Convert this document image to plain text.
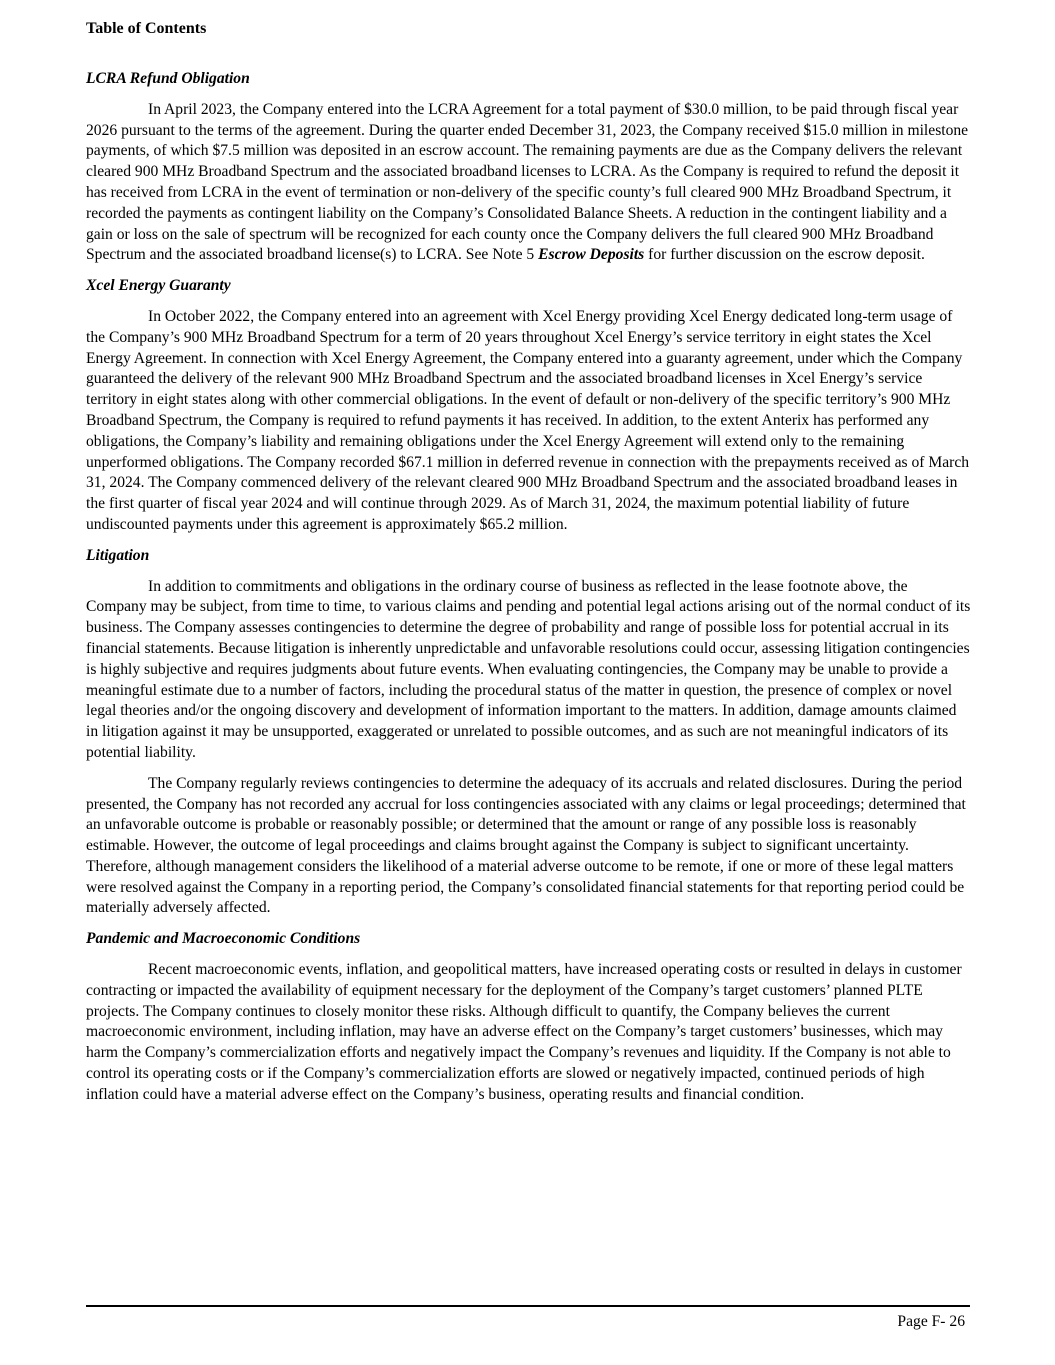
Table of Contents
LCRA Refund Obligation

In April 2023, the Company entered into the LCRA Agreement for a total payment of $30.0 million, to be paid through fiscal year 2026 pursuant to the terms of the agreement. During the quarter ended December 31, 2023, the Company received $15.0 million in milestone payments, of which $7.5 million was deposited in an escrow account. The remaining payments are due as the Company delivers the relevant cleared 900 MHz Broadband Spectrum and the associated broadband licenses to LCRA. As the Company is required to refund the deposit it has received from LCRA in the event of termination or non-delivery of the specific county’s full cleared 900 MHz Broadband Spectrum, it recorded the payments as contingent liability on the Company’s Consolidated Balance Sheets. A reduction in the contingent liability and a gain or loss on the sale of spectrum will be recognized for each county once the Company delivers the full cleared 900 MHz Broadband Spectrum and the associated broadband license(s) to LCRA. See Note 5 Escrow Deposits for further discussion on the escrow deposit.

Xcel Energy Guaranty

In October 2022, the Company entered into an agreement with Xcel Energy providing Xcel Energy dedicated long-term usage of the Company’s 900 MHz Broadband Spectrum for a term of 20 years throughout Xcel Energy’s service territory in eight states the Xcel Energy Agreement. In connection with Xcel Energy Agreement, the Company entered into a guaranty agreement, under which the Company guaranteed the delivery of the relevant 900 MHz Broadband Spectrum and the associated broadband licenses in Xcel Energy’s service territory in eight states along with other commercial obligations. In the event of default or non-delivery of the specific territory’s 900 MHz Broadband Spectrum, the Company is required to refund payments it has received. In addition, to the extent Anterix has performed any obligations, the Company’s liability and remaining obligations under the Xcel Energy Agreement will extend only to the remaining unperformed obligations. The Company recorded $67.1 million in deferred revenue in connection with the prepayments received as of March 31, 2024. The Company commenced delivery of the relevant cleared 900 MHz Broadband Spectrum and the associated broadband leases in the first quarter of fiscal year 2024 and will continue through 2029. As of March 31, 2024, the maximum potential liability of future undiscounted payments under this agreement is approximately $65.2 million.

Litigation

In addition to commitments and obligations in the ordinary course of business as reflected in the lease footnote above, the Company may be subject, from time to time, to various claims and pending and potential legal actions arising out of the normal conduct of its business. The Company assesses contingencies to determine the degree of probability and range of possible loss for potential accrual in its financial statements. Because litigation is inherently unpredictable and unfavorable resolutions could occur, assessing litigation contingencies is highly subjective and requires judgments about future events. When evaluating contingencies, the Company may be unable to provide a meaningful estimate due to a number of factors, including the procedural status of the matter in question, the presence of complex or novel legal theories and/or the ongoing discovery and development of information important to the matters. In addition, damage amounts claimed in litigation against it may be unsupported, exaggerated or unrelated to possible outcomes, and as such are not meaningful indicators of its potential liability.

The Company regularly reviews contingencies to determine the adequacy of its accruals and related disclosures. During the period presented, the Company has not recorded any accrual for loss contingencies associated with any claims or legal proceedings; determined that an unfavorable outcome is probable or reasonably possible; or determined that the amount or range of any possible loss is reasonably estimable. However, the outcome of legal proceedings and claims brought against the Company is subject to significant uncertainty. Therefore, although management considers the likelihood of a material adverse outcome to be remote, if one or more of these legal matters were resolved against the Company in a reporting period, the Company’s consolidated financial statements for that reporting period could be materially adversely affected.

Pandemic and Macroeconomic Conditions

Recent macroeconomic events, inflation, and geopolitical matters, have increased operating costs or resulted in delays in customer contracting or impacted the availability of equipment necessary for the deployment of the Company’s target customers’ planned PLTE projects. The Company continues to closely monitor these risks. Although difficult to quantify, the Company believes the current macroeconomic environment, including inflation, may have an adverse effect on the Company’s target customers’ businesses, which may harm the Company’s commercialization efforts and negatively impact the Company’s revenues and liquidity. If the Company is not able to control its operating costs or if the Company’s commercialization efforts are slowed or negatively impacted, continued periods of high inflation could have a material adverse effect on the Company’s business, operating results and financial condition.

Page F- 26
